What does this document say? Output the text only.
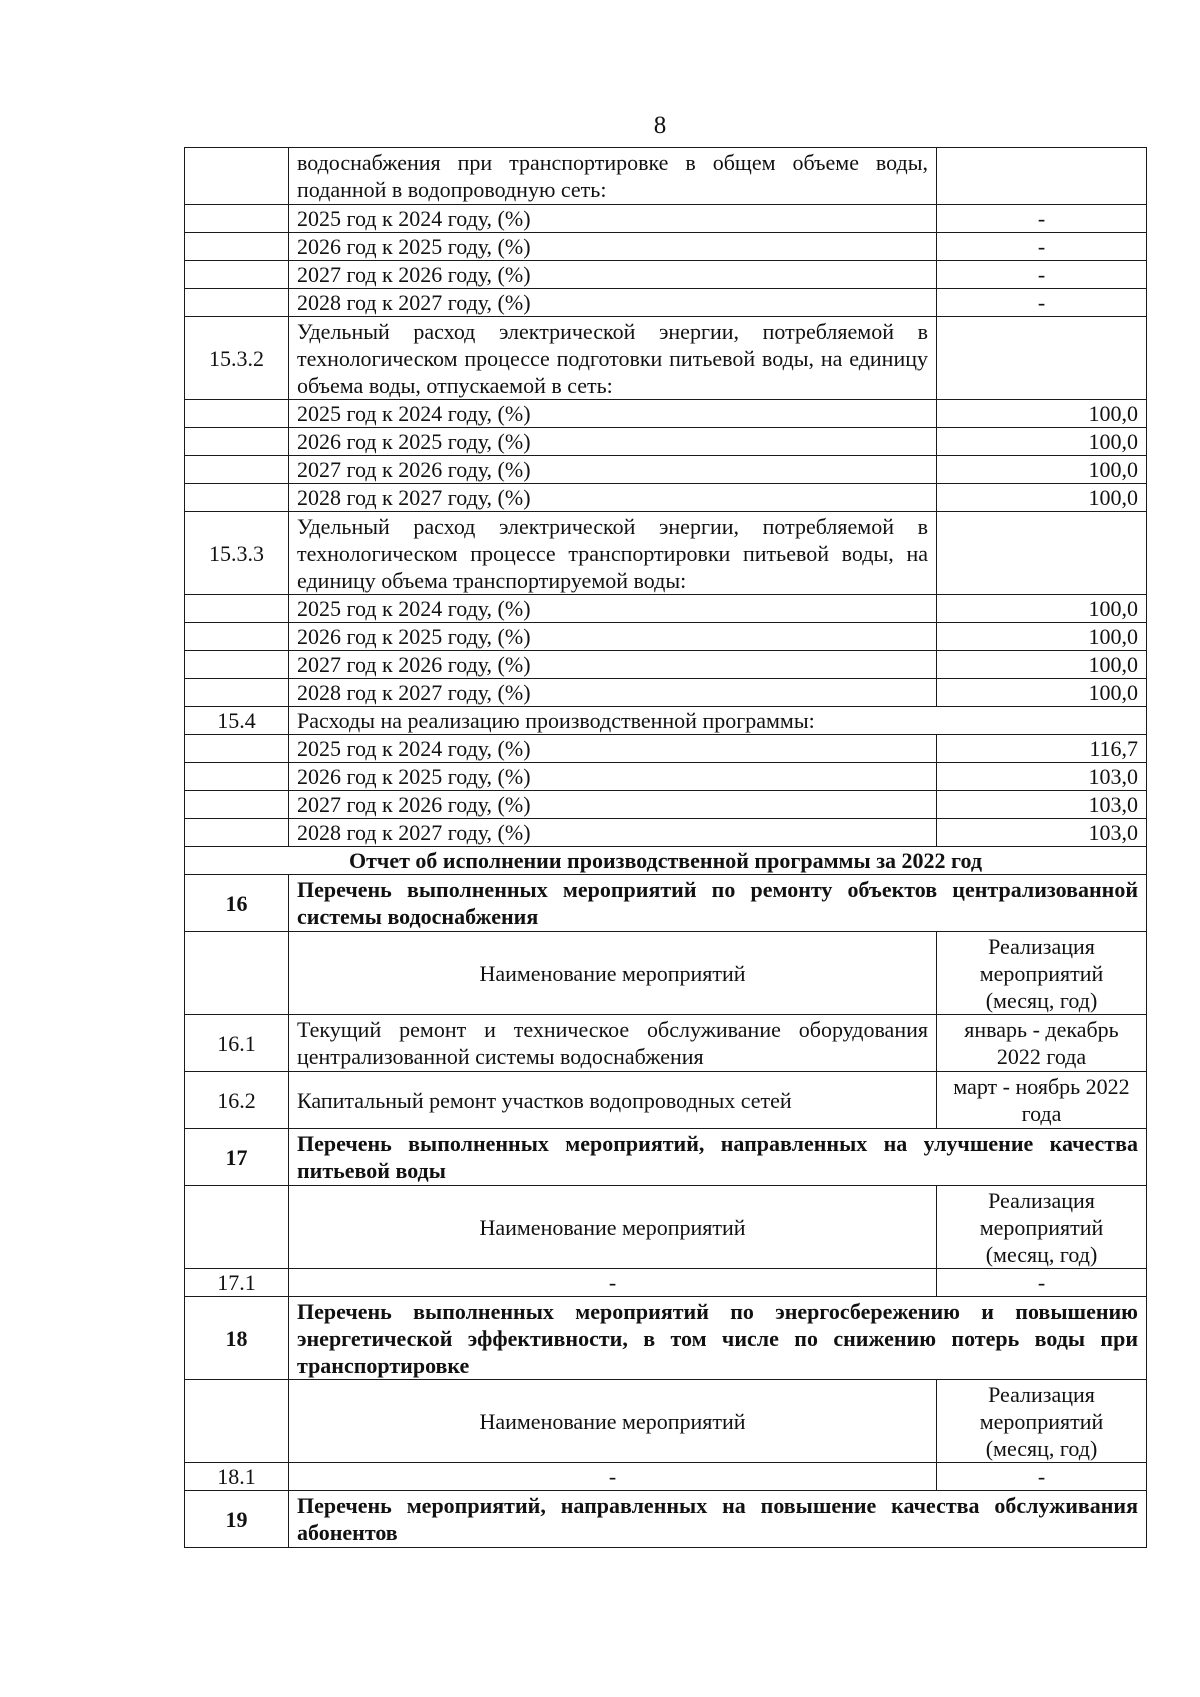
8
	водоснабжения при транспортировке в общем объеме воды, поданной в водопроводную сеть:	
	2025 год к 2024 году, (%)	-
	2026 год к 2025 году, (%)	-
	2027 год к 2026 году, (%)	-
	2028 год к 2027 году, (%)	-
15.3.2	Удельный расход электрической энергии, потребляемой в технологическом процессе подготовки питьевой воды, на единицу объема воды, отпускаемой в сеть:	
	2025 год к 2024 году, (%)	100,0
	2026 год к 2025 году, (%)	100,0
	2027 год к 2026 году, (%)	100,0
	2028 год к 2027 году, (%)	100,0
15.3.3	Удельный расход электрической энергии, потребляемой в технологическом процессе транспортировки питьевой воды, на единицу объема транспортируемой воды:	
	2025 год к 2024 году, (%)	100,0
	2026 год к 2025 году, (%)	100,0
	2027 год к 2026 году, (%)	100,0
	2028 год к 2027 году, (%)	100,0
15.4	Расходы на реализацию производственной программы:	
	2025 год к 2024 году, (%)	116,7
	2026 год к 2025 году, (%)	103,0
	2027 год к 2026 году, (%)	103,0
	2028 год к 2027 году, (%)	103,0
Отчет об исполнении производственной программы за 2022 год		
16	Перечень выполненных мероприятий по ремонту объектов централизованной системы водоснабжения	
	Наименование мероприятий	Реализация мероприятий (месяц, год)
16.1	Текущий ремонт и техническое обслуживание оборудования централизованной системы водоснабжения	январь - декабрь 2022 года
16.2	Капитальный ремонт участков водопроводных сетей	март - ноябрь 2022 года
17	Перечень выполненных мероприятий, направленных на улучшение качества питьевой воды	
	Наименование мероприятий	Реализация мероприятий (месяц, год)
17.1	-	-
18	Перечень выполненных мероприятий по энергосбережению и повышению энергетической эффективности, в том числе по снижению потерь воды при транспортировке	
	Наименование мероприятий	Реализация мероприятий (месяц, год)
18.1	-	-
19	Перечень мероприятий, направленных на повышение качества обслуживания абонентов	
